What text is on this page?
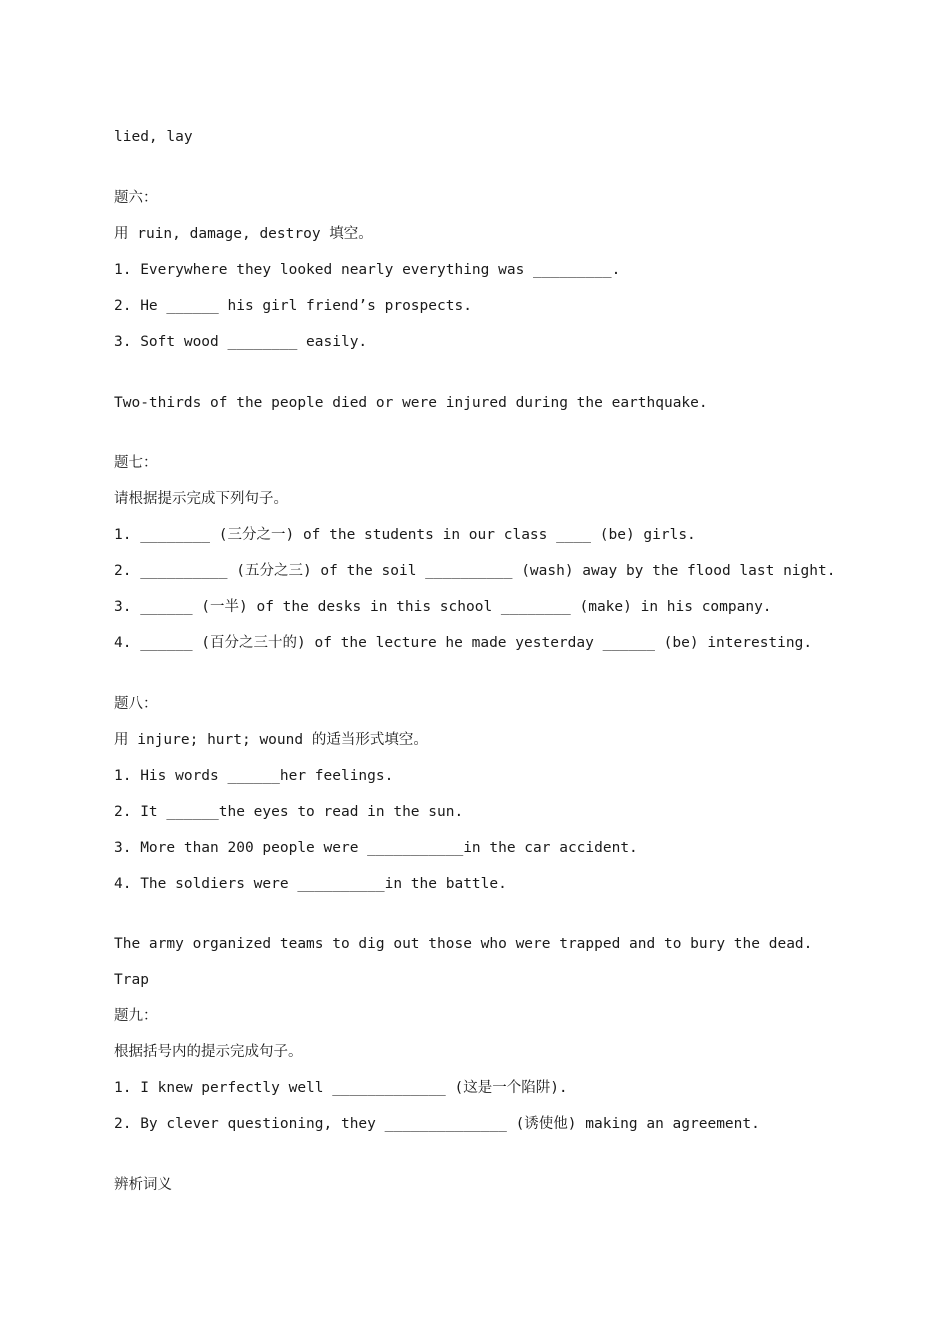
lied, lay
题六：
用 ruin, damage, destroy 填空。
1. Everywhere they looked nearly everything was _________.
2. He ______ his girl friend’s prospects.
3. Soft wood ________ easily.
Two-thirds of the people died or were injured during the earthquake.
题七：
请根据提示完成下列句子。
1. ________ (三分之一) of the students in our class ____ (be) girls.
2. __________ (五分之三) of the soil __________ (wash) away by the flood last night.
3. ______ (一半) of the desks in this school ________ (make) in his company.
4. ______ (百分之三十的) of the lecture he made yesterday ______ (be) interesting.
题八：
用 injure; hurt; wound 的适当形式填空。
1. His words ______her feelings.
2. It ______the eyes to read in the sun.
3. More than 200 people were ___________in the car accident.
4. The soldiers were __________in the battle.
The army organized teams to dig out those who were trapped and to bury the dead.
Trap
题九：
根据括号内的提示完成句子。
1. I knew perfectly well _____________ (这是一个陷阱).
2. By clever questioning, they ______________ (诱使他) making an agreement.
辨析词义
